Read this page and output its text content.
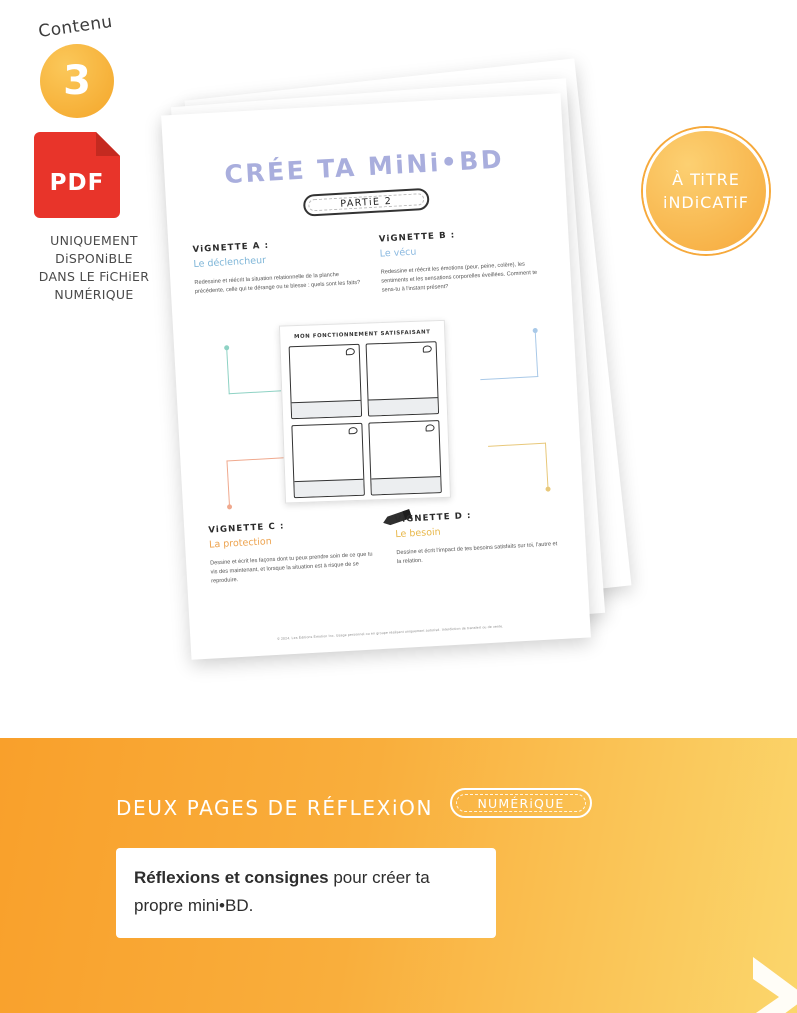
Contenu
3
PDF
UNIQUEMENT
DiSPONiBLE
DANS LE FiCHiER
NUMÉRIQUE
À TiTRE
iNDiCATiF
CRÉE TA MiNi•BD
PARTiE 2
ViGNETTE A :
Le déclencheur
Redessine et réécrit la situation relationnelle de la planche précédente, celle qui te dérange ou te blesse : quels sont les faits?
ViGNETTE B :
Le vécu
Redessine et réécrit les émotions (peur, peine, colère), les sentiments et les sensations corporelles éveillées. Comment te sens-tu à l'instant présent?
MON FONCTIONNEMENT SATISFAISANT
ViGNETTE C :
La protection
Dessine et écrit les façons dont tu peux prendre soin de ce que tu vis des maintenant, et lorsque la situation est à risque de se reproduire.
ViGNETTE D :
Le besoin
Dessine et écrit l'impact de tes besoins satisfaits sur toi, l'autre et la relation.
© 2024. Les Éditions Émotion Inc. Usage personnel ou en groupe réalisant uniquement autorisé. Interdiction de transfert ou de vente.
DEUX PAGES DE RÉFLEXiON	NUMÉRiQUE
Réflexions et consignes pour créer ta propre mini•BD.
